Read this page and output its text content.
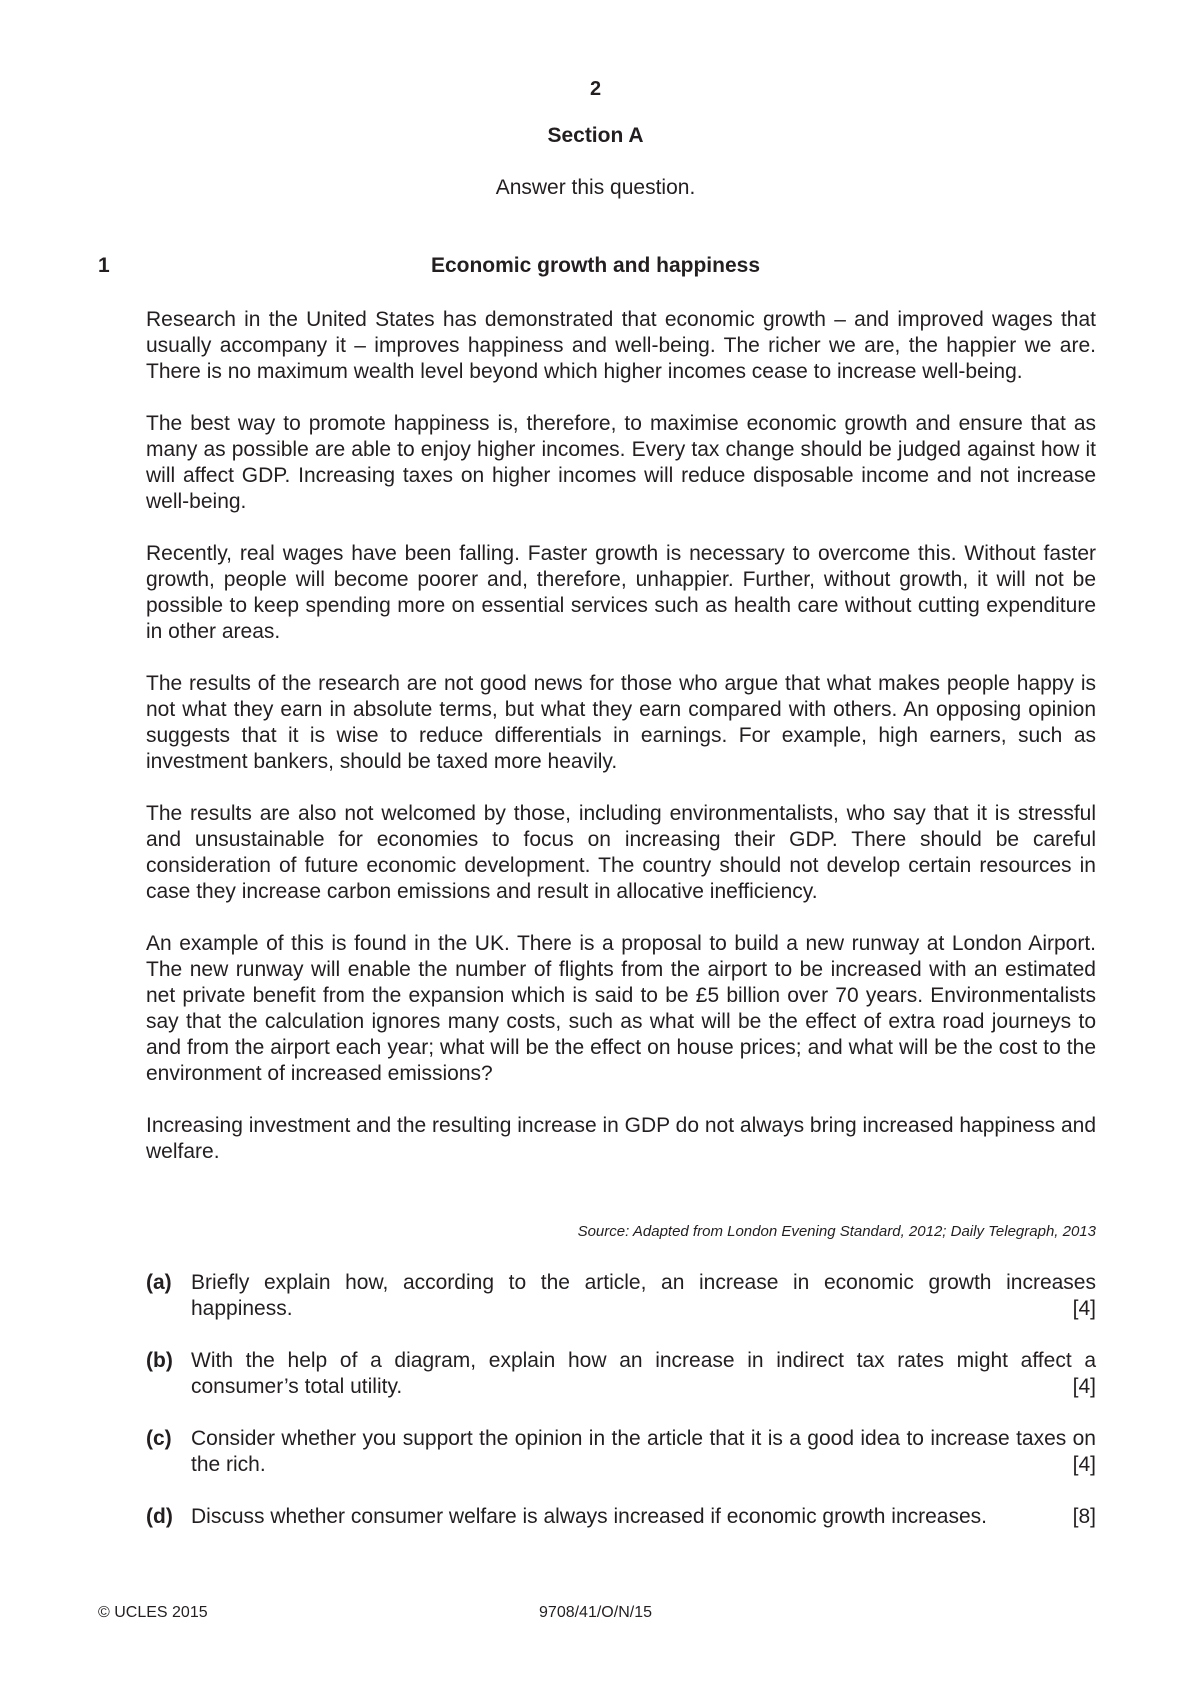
2
Section A
Answer this question.
1	Economic growth and happiness

Research in the United States has demonstrated that economic growth – and improved wages that usually accompany it – improves happiness and well-being. The richer we are, the happier we are. There is no maximum wealth level beyond which higher incomes cease to increase well-being.

The best way to promote happiness is, therefore, to maximise economic growth and ensure that as many as possible are able to enjoy higher incomes. Every tax change should be judged against how it will affect GDP. Increasing taxes on higher incomes will reduce disposable income and not increase well-being.

Recently, real wages have been falling. Faster growth is necessary to overcome this. Without faster growth, people will become poorer and, therefore, unhappier. Further, without growth, it will not be possible to keep spending more on essential services such as health care without cutting expenditure in other areas.

The results of the research are not good news for those who argue that what makes people happy is not what they earn in absolute terms, but what they earn compared with others. An opposing opinion suggests that it is wise to reduce differentials in earnings. For example, high earners, such as investment bankers, should be taxed more heavily.

The results are also not welcomed by those, including environmentalists, who say that it is stressful and unsustainable for economies to focus on increasing their GDP. There should be careful consideration of future economic development. The country should not develop certain resources in case they increase carbon emissions and result in allocative inefficiency.

An example of this is found in the UK. There is a proposal to build a new runway at London Airport. The new runway will enable the number of flights from the airport to be increased with an estimated net private benefit from the expansion which is said to be £5 billion over 70 years. Environmentalists say that the calculation ignores many costs, such as what will be the effect of extra road journeys to and from the airport each year; what will be the effect on house prices; and what will be the cost to the environment of increased emissions?

Increasing investment and the resulting increase in GDP do not always bring increased happiness and welfare.

Source: Adapted from London Evening Standard, 2012; Daily Telegraph, 2013
(a) Briefly explain how, according to the article, an increase in economic growth increases happiness.	[4]
(b) With the help of a diagram, explain how an increase in indirect tax rates might affect a consumer’s total utility.	[4]
(c) Consider whether you support the opinion in the article that it is a good idea to increase taxes on the rich.	[4]
(d) Discuss whether consumer welfare is always increased if economic growth increases.	[8]
© UCLES 2015	9708/41/O/N/15
